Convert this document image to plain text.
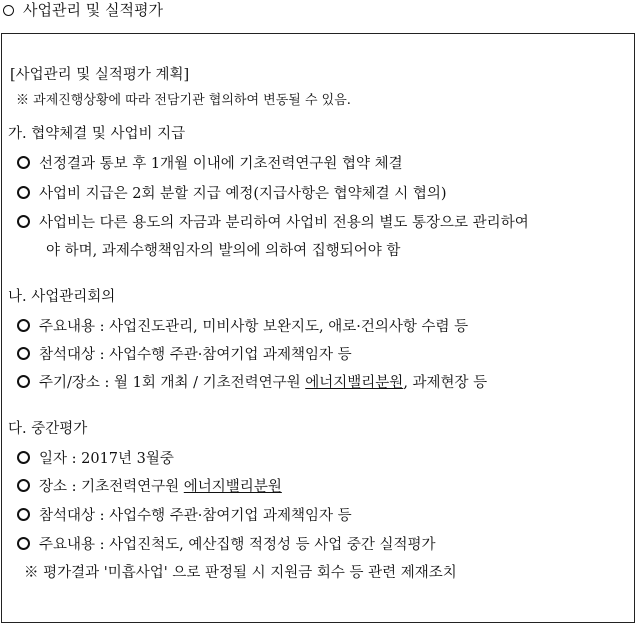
사업관리 및 실적평가
[사업관리 및 실적평가 계획]
※ 과제진행상황에 따라 전담기관 협의하여 변동될 수 있음.
가. 협약체결 및 사업비 지급
선정결과 통보 후 1개월 이내에 기초전력연구원 협약 체결
사업비 지급은 2회 분할 지급 예정(지급사항은 협약체결 시 협의)
사업비는 다른 용도의 자금과 분리하여 사업비 전용의 별도 통장으로 관리하여
야 하며, 과제수행책임자의 발의에 의하여 집행되어야 함
나. 사업관리회의
주요내용 : 사업진도관리, 미비사항 보완지도, 애로·건의사항 수렴 등
참석대상 : 사업수행 주관·참여기업 과제책임자 등
주기/장소 : 월 1회 개최 / 기초전력연구원 에너지밸리분원, 과제현장 등
다. 중간평가
일자 : 2017년 3월중
장소 : 기초전력연구원 에너지밸리분원
참석대상 : 사업수행 주관·참여기업 과제책임자 등
주요내용 : 사업진척도, 예산집행 적정성 등 사업 중간 실적평가
※ 평가결과 '미흡사업' 으로 판정될 시 지원금 회수 등 관련 제재조치
